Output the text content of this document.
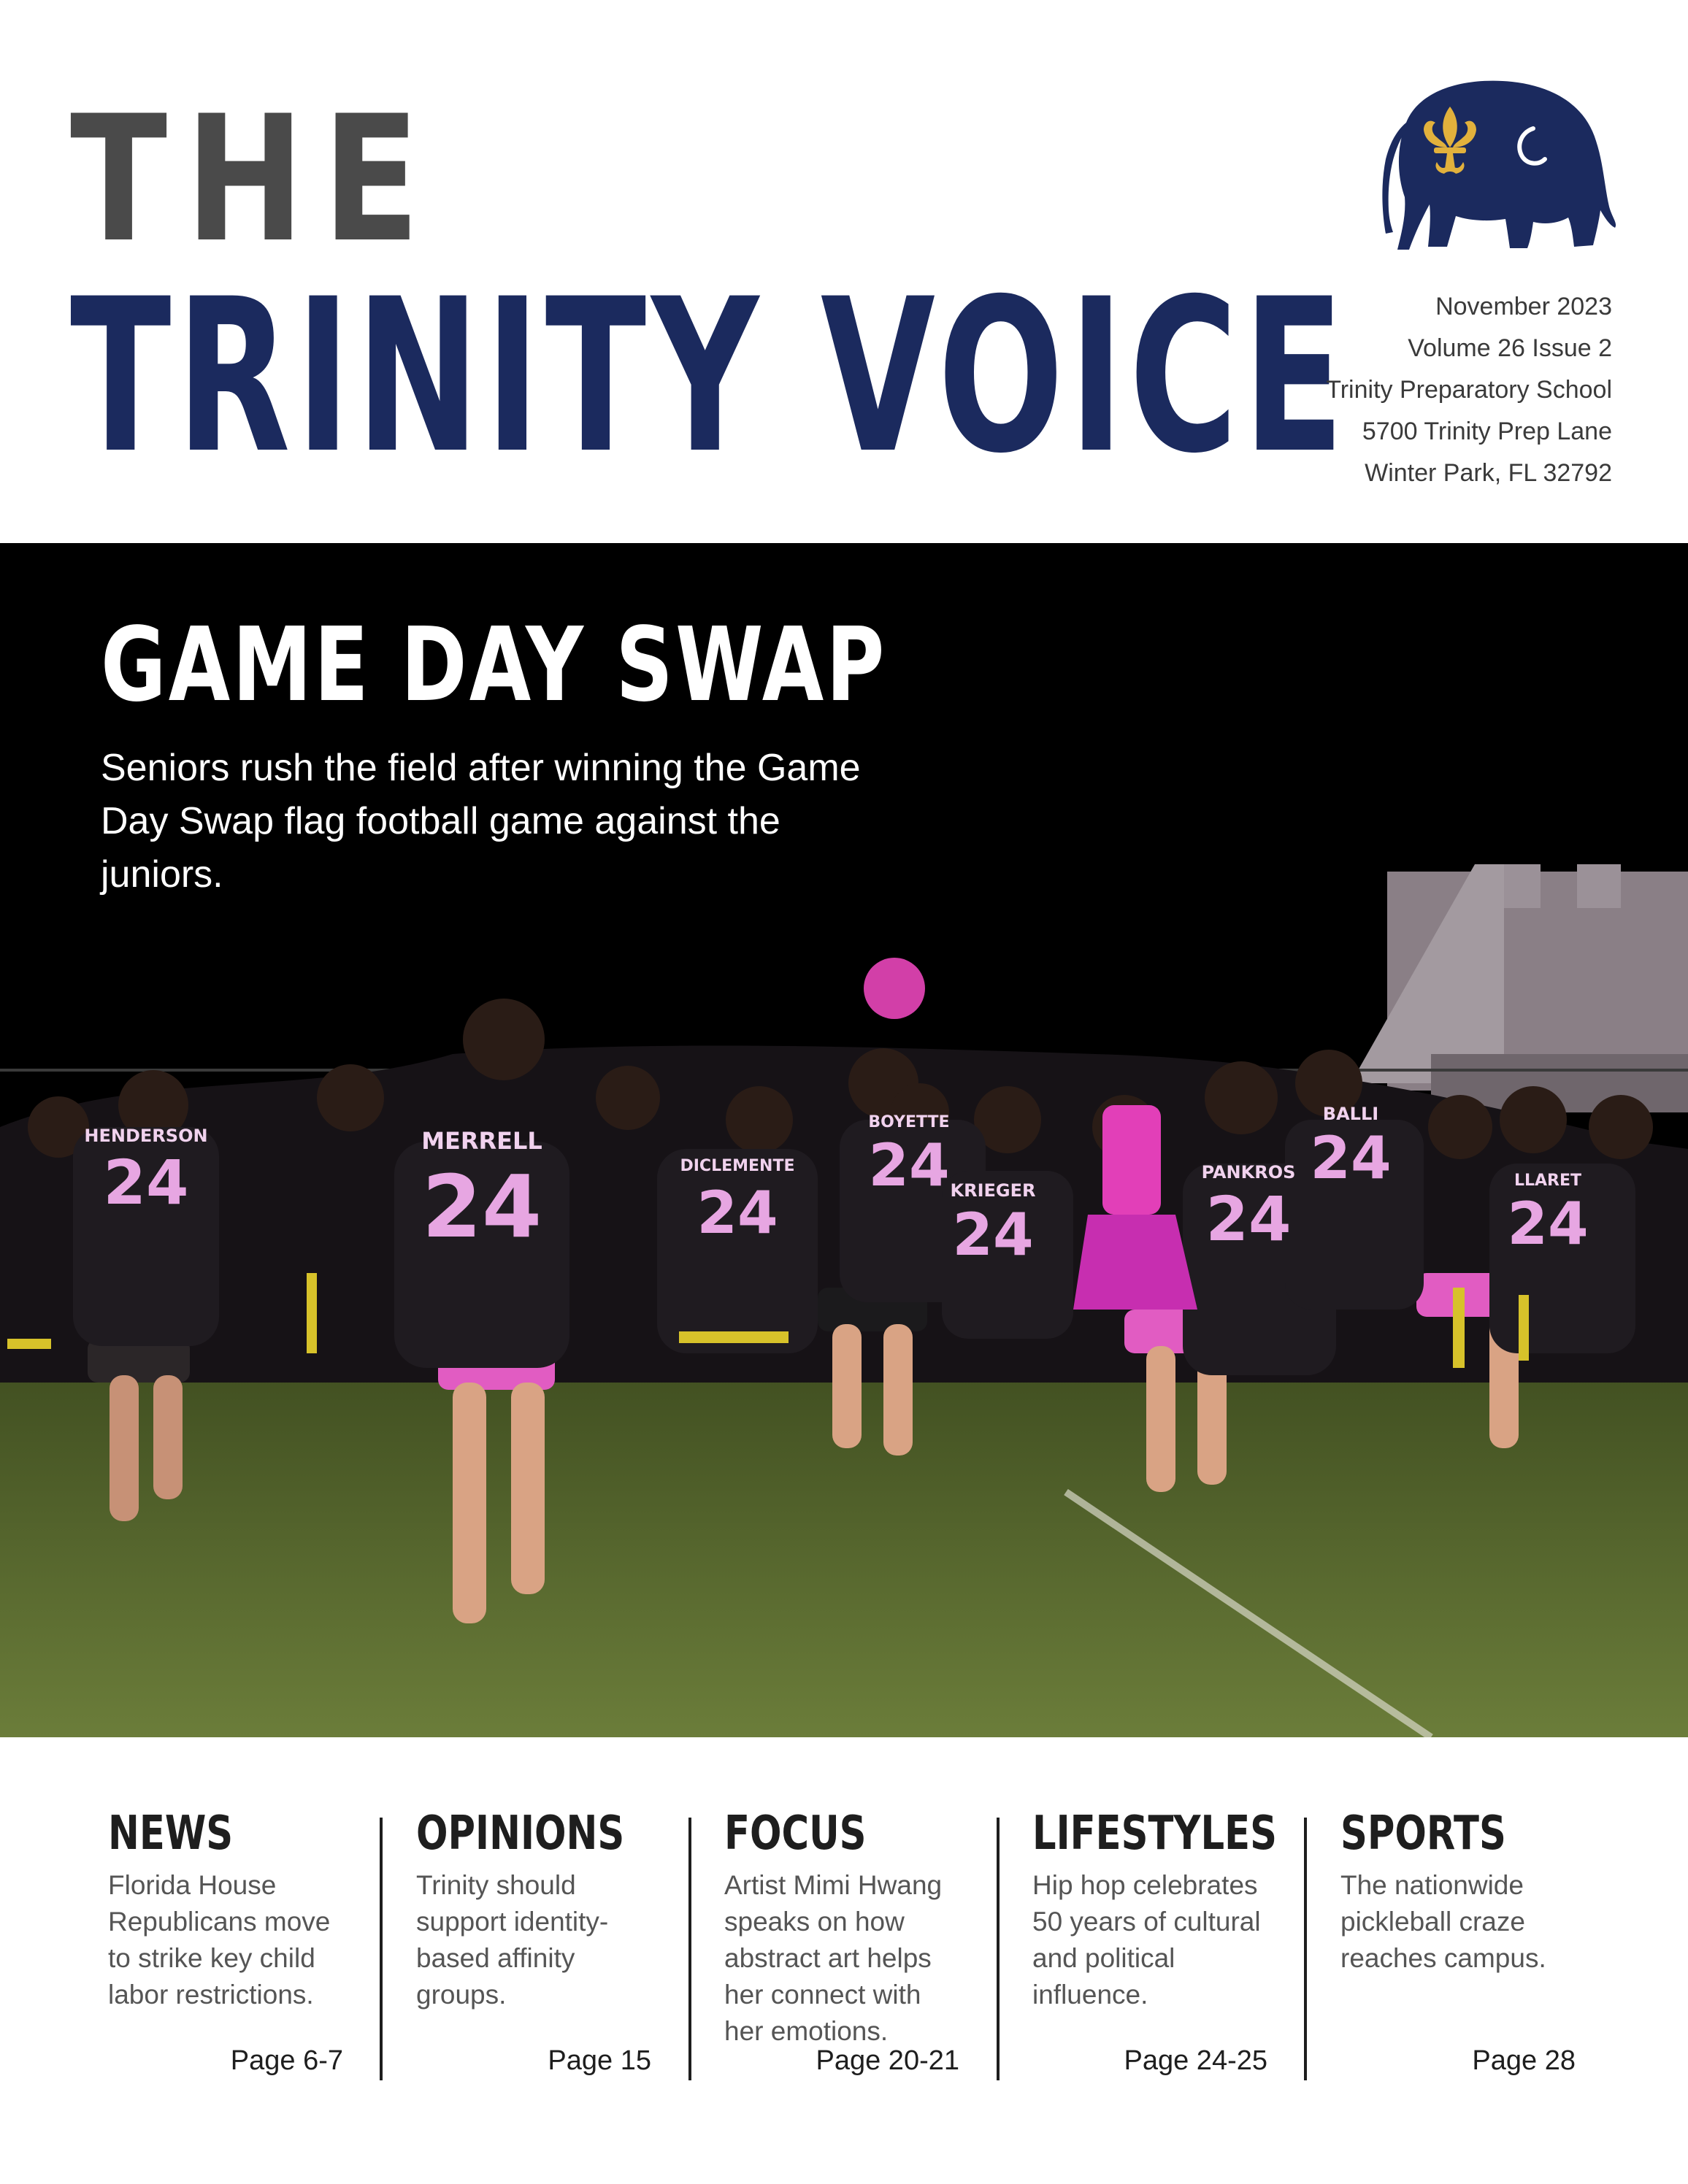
THE
TRINITY VOICE	November 2023
Volume 26 Issue 2
Trinity Preparatory School
5700 Trinity Prep Lane
Winter Park, FL 32792
HENDERSON
24
MERRELL
24	DICLEMENTE
24
BOYETTE
24 KRIEGER
24
PANKROS
24
BALLI
24	LLARET
24
GAME DAY SWAP

Seniors rush the field after winning the Game Day Swap flag football game against the juniors.

NEWS
Florida House Republicans move to strike key child labor restrictions.
Page 6-7
OPINIONS
Trinity should support identity-based affinity groups.
Page 15
FOCUS
Artist Mimi Hwang speaks on how abstract art helps her connect with her emotions.
Page 20-21
LIFESTYLES
Hip hop celebrates 50 years of cultural and political influence.
Page 24-25
SPORTS
The nationwide pickleball craze reaches campus.
Page 28
